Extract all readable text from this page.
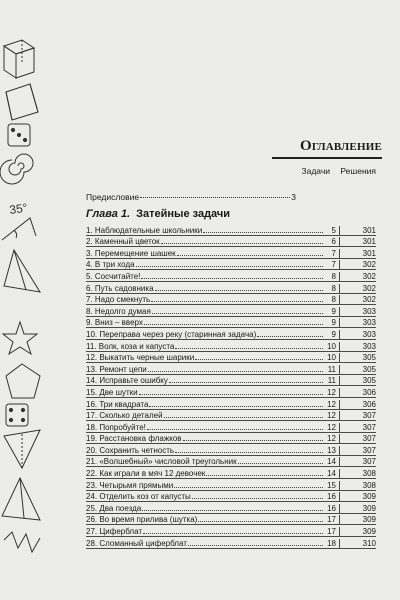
35°
Оглавление
Задачи Решения
Предисловие	3
Глава 1. Затейные задачи
1. Наблюдательные школьники	5	301
2. Каменный цветок	6	301
3. Перемещение шашек	7	301
4. В три хода	7	302
5. Сосчитайте!	8	302
6. Путь садовника	8	302
7. Надо смекнуть	8	302
8. Недолго думая	9	303
9. Вниз – вверх	9	303
10. Переправа через реку (старинная задача)	9	303
11. Волк, коза и капуста	10	303
12. Выкатить черные шарики	10	305
13. Ремонт цепи	11	305
14. Исправьте ошибку	11	305
15. Две шутки	12	306
16. Три квадрата	12	306
17. Сколько деталей	12	307
18. Попробуйте!	12	307
19. Расстановка флажков	12	307
20. Сохранить четность	13	307
21. «Волшебный» числовой треугольник	14	307
22. Как играли в мяч 12 девочек	14	308
23. Четырьмя прямыми	15	308
24. Отделить коз от капусты	16	309
25. Два поезда	16	309
26. Во время прилива (шутка)	17	309
27. Циферблат	17	309
28. Сломанный циферблат	18	310
